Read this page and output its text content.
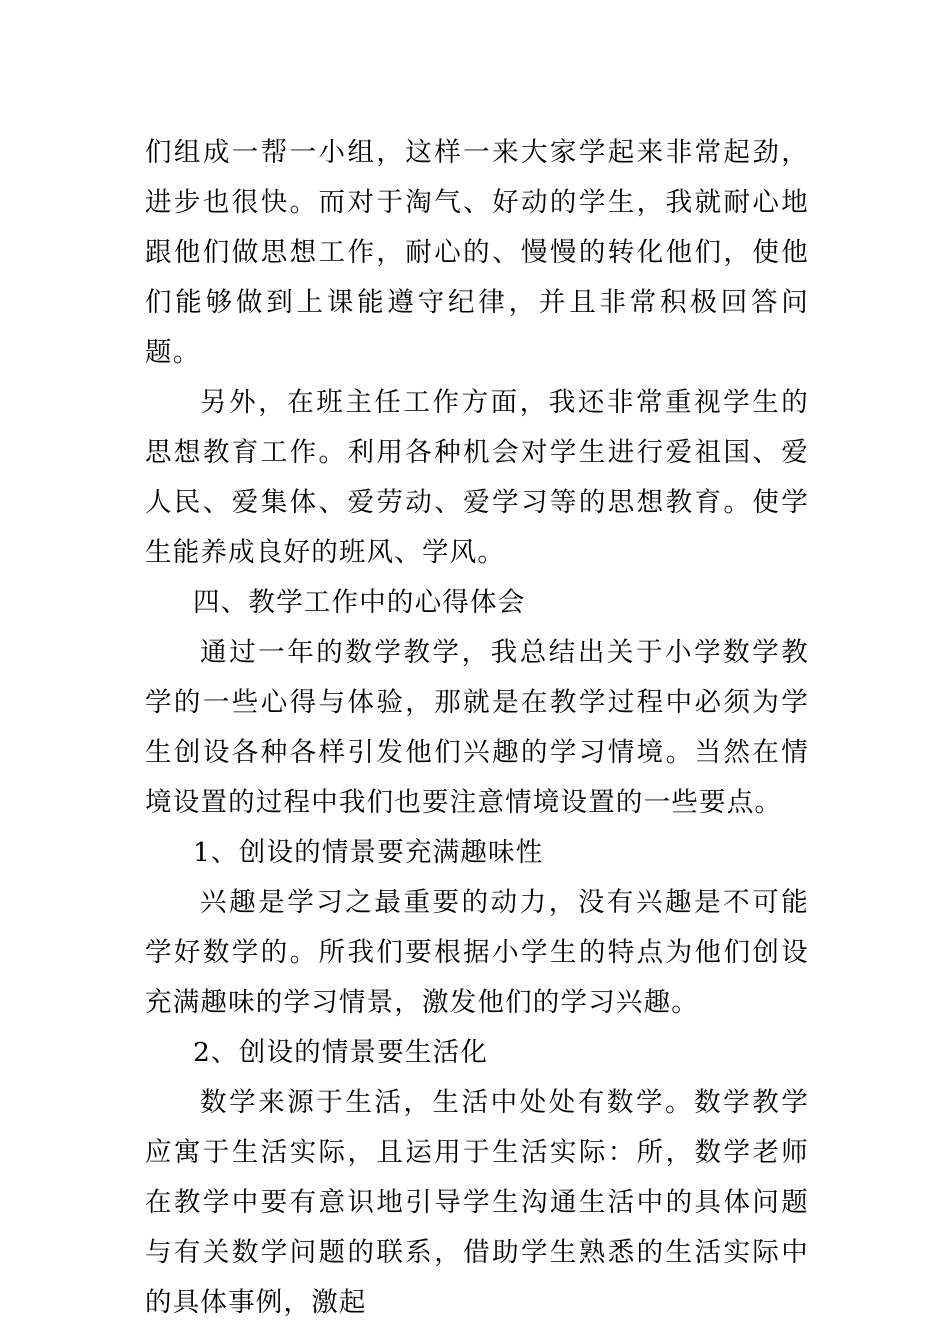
们组成一帮一小组，这样一来大家学起来非常起劲，进步也很快。而对于淘气、好动的学生，我就耐心地跟他们做思想工作，耐心的、慢慢的转化他们，使他们能够做到上课能遵守纪律，并且非常积极回答问题。

另外，在班主任工作方面，我还非常重视学生的思想教育工作。利用各种机会对学生进行爱祖国、爱人民、爱集体、爱劳动、爱学习等的思想教育。使学生能养成良好的班风、学风。

四、教学工作中的心得体会

通过一年的数学教学，我总结出关于小学数学教学的一些心得与体验，那就是在教学过程中必须为学生创设各种各样引发他们兴趣的学习情境。当然在情境设置的过程中我们也要注意情境设置的一些要点。

1、创设的情景要充满趣味性

兴趣是学习之最重要的动力，没有兴趣是不可能学好数学的。所我们要根据小学生的特点为他们创设充满趣味的学习情景，激发他们的学习兴趣。

2、创设的情景要生活化

数学来源于生活，生活中处处有数学。数学教学应寓于生活实际，且运用于生活实际：所，数学老师在教学中要有意识地引导学生沟通生活中的具体问题与有关数学问题的联系，借助学生熟悉的生活实际中的具体事例，激起
